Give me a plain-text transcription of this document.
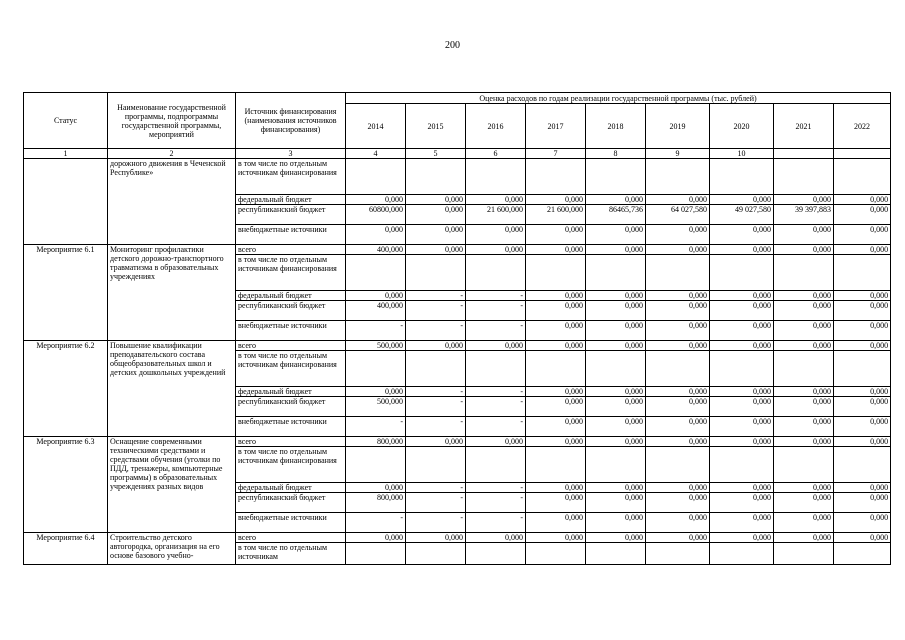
200
Статус	Наименование государственной программы, подпрограммы государственной программы, мероприятий	Источник финансирования (наименования источников финансирования)	Оценка расходов по годам реализации государственной программы (тыс. рублей)								
			2014	2015	2016	2017	2018	2019	2020	2021	2022
1	2	3	4	5	6	7	8	9	10		
	дорожного движения в Чеченской Республике»	в том числе по отдельным источникам финансирования									
		федеральный бюджет	0,000	0,000	0,000	0,000	0,000	0,000	0,000	0,000	0,000
		республиканский бюджет	60800,000	0,000	21 600,000	21 600,000	86465,736	64 027,580	49 027,580	39 397,883	0,000
		внебюджетные источники	0,000	0,000	0,000	0,000	0,000	0,000	0,000	0,000	0,000
Мероприятие 6.1	Мониторинг профилактики детского дорожно-транспортного травматизма в образовательных учреждениях	всего	400,000	0,000	0,000	0,000	0,000	0,000	0,000	0,000	0,000
		в том числе по отдельным источникам финансирования									
		федеральный бюджет	0,000	-	-	0,000	0,000	0,000	0,000	0,000	0,000
		республиканский бюджет	400,000	-	-	0,000	0,000	0,000	0,000	0,000	0,000
		внебюджетные источники	-	-	-	0,000	0,000	0,000	0,000	0,000	0,000
Мероприятие 6.2	Повышение квалификации преподавательского состава общеобразовательных школ и детских дошкольных учреждений	всего	500,000	0,000	0,000	0,000	0,000	0,000	0,000	0,000	0,000
		в том числе по отдельным источникам финансирования									
		федеральный бюджет	0,000	-	-	0,000	0,000	0,000	0,000	0,000	0,000
		республиканский бюджет	500,000	-	-	0,000	0,000	0,000	0,000	0,000	0,000
		внебюджетные источники	-	-	-	0,000	0,000	0,000	0,000	0,000	0,000
Мероприятие 6.3	Оснащение современными техническими средствами и средствами обучения (уголки по ПДД, тренажеры, компьютерные программы) в образовательных учреждениях разных видов	всего	800,000	0,000	0,000	0,000	0,000	0,000	0,000	0,000	0,000
		в том числе по отдельным источникам финансирования									
		федеральный бюджет	0,000	-	-	0,000	0,000	0,000	0,000	0,000	0,000
		республиканский бюджет	800,000	-	-	0,000	0,000	0,000	0,000	0,000	0,000
		внебюджетные источники	-	-	-	0,000	0,000	0,000	0,000	0,000	0,000
Мероприятие 6.4	Строительство детского автогородка, организация на его основе базового учебно-	всего	0,000	0,000	0,000	0,000	0,000	0,000	0,000	0,000	0,000
		в том числе по отдельным источникам									
